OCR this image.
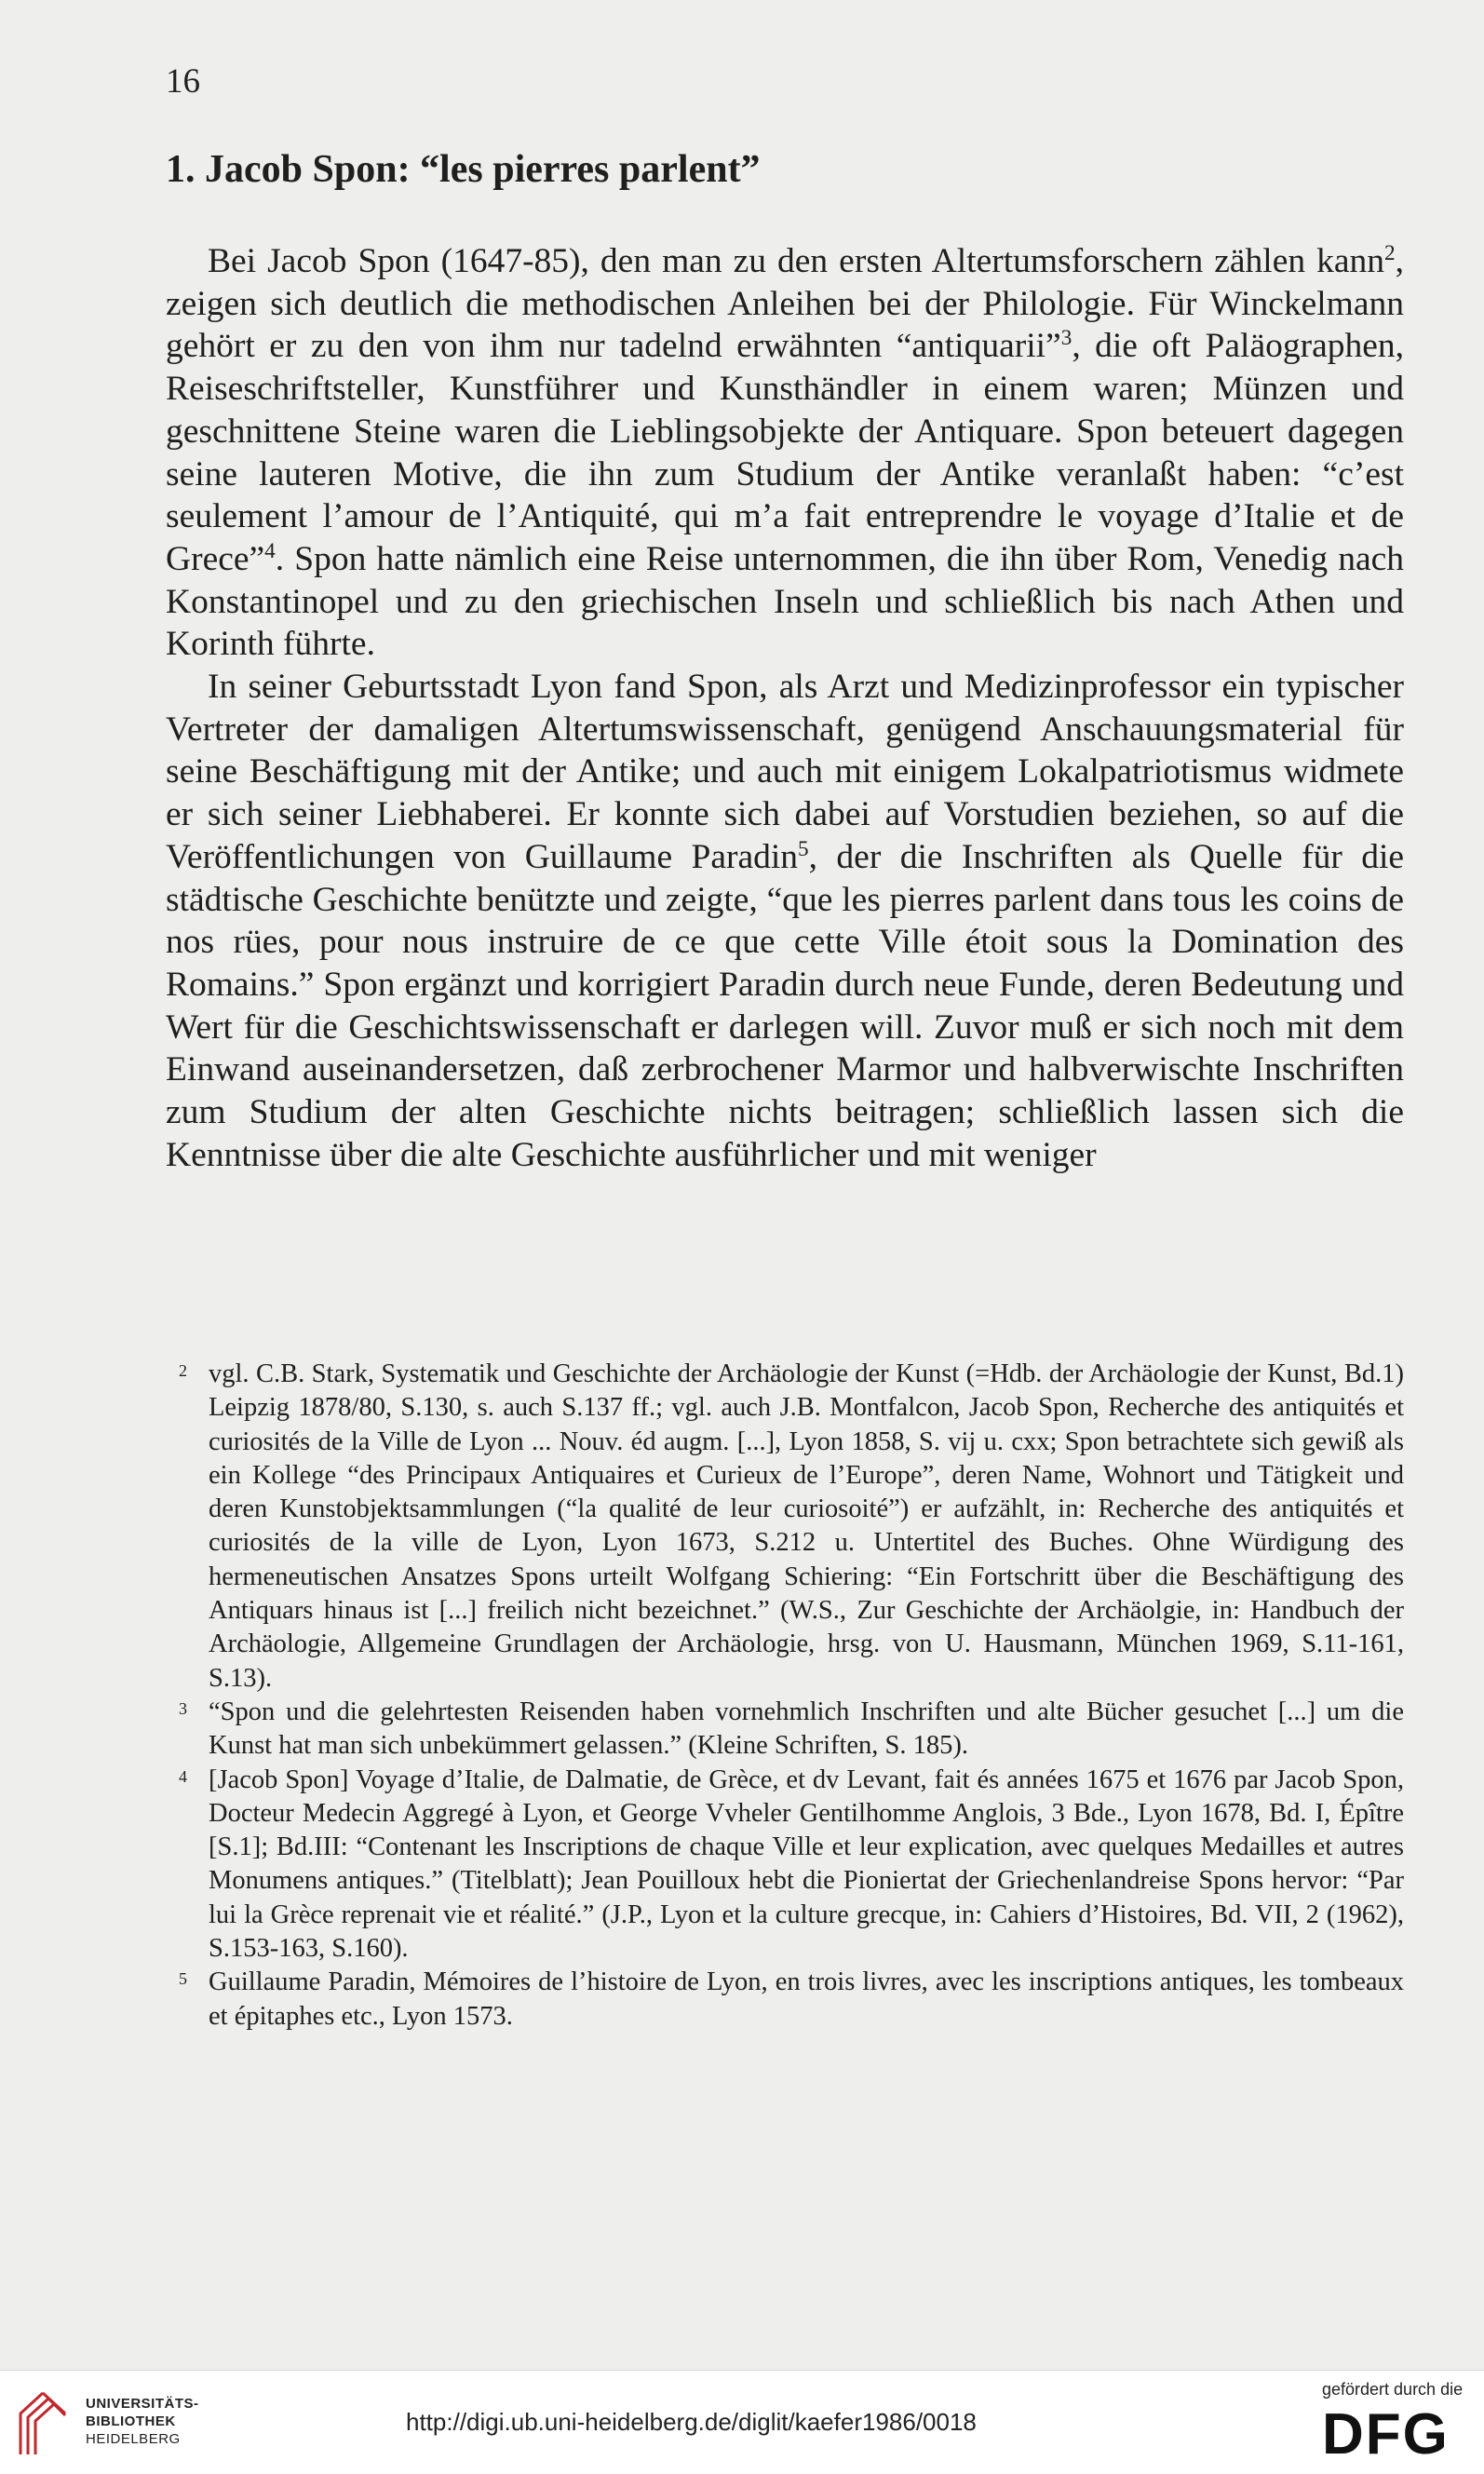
16
1. Jacob Spon: “les pierres parlent”

Bei Jacob Spon (1647-85), den man zu den ersten Altertumsforschern zählen kann$^2$, zeigen sich deutlich die methodischen Anleihen bei der Philologie. Für Winckelmann gehört er zu den von ihm nur tadelnd erwähnten “antiquarii”$^3$, die oft Paläographen, Reiseschriftsteller, Kunstführer und Kunsthändler in einem waren; Münzen und geschnittene Steine waren die Lieblingsobjekte der Antiquare. Spon beteuert dagegen seine lauteren Motive, die ihn zum Studium der Antike veranlaßt haben: “c’est seulement l’amour de l’Antiquité, qui m’a fait entreprendre le voyage d’Italie et de Grece”$^4$. Spon hatte nämlich eine Reise unternommen, die ihn über Rom, Venedig nach Konstantinopel und zu den griechischen Inseln und schließlich bis nach Athen und Korinth führte.

In seiner Geburtsstadt Lyon fand Spon, als Arzt und Medizinprofessor ein typischer Vertreter der damaligen Altertumswissenschaft, genügend Anschauungsmaterial für seine Beschäftigung mit der Antike; und auch mit einigem Lokalpatriotismus widmete er sich seiner Liebhaberei. Er konnte sich dabei auf Vorstudien beziehen, so auf die Veröffentlichungen von Guillaume Paradin$^5$, der die Inschriften als Quelle für die städtische Geschichte benützte und zeigte, “que les pierres parlent dans tous les coins de nos rües, pour nous instruire de ce que cette Ville étoit sous la Domination des Romains.” Spon ergänzt und korrigiert Paradin durch neue Funde, deren Bedeutung und Wert für die Geschichtswissenschaft er darlegen will. Zuvor muß er sich noch mit dem Einwand auseinandersetzen, daß zerbrochener Marmor und halbverwischte Inschriften zum Studium der alten Geschichte nichts beitragen; schließlich lassen sich die Kenntnisse über die alte Geschichte ausführlicher und mit weniger

2 vgl. C.B. Stark, Systematik und Geschichte der Archäologie der Kunst (=Hdb. der Archäologie der Kunst, Bd.1) Leipzig 1878/80, S.130, s. auch S.137 ff.; vgl. auch J.B. Montfalcon, Jacob Spon, Recherche des antiquités et curiosités de la Ville de Lyon ... Nouv. éd augm. [...], Lyon 1858, S. vij u. cxx; Spon betrachtete sich gewiß als ein Kollege “des Principaux Antiquaires et Curieux de l’Europe”, deren Name, Wohnort und Tätigkeit und deren Kunstobjektsammlungen (“la qualité de leur curiosoité”) er aufzählt, in: Recherche des antiquités et curiosités de la ville de Lyon, Lyon 1673, S.212 u. Untertitel des Buches. Ohne Würdigung des hermeneutischen Ansatzes Spons urteilt Wolfgang Schiering: “Ein Fortschritt über die Beschäftigung des Antiquars hinaus ist [...] freilich nicht bezeichnet.” (W.S., Zur Geschichte der Archäolgie, in: Handbuch der Archäologie, Allgemeine Grundlagen der Archäologie, hrsg. von U. Hausmann, München 1969, S.11-161, S.13).
3 “Spon und die gelehrtesten Reisenden haben vornehmlich Inschriften und alte Bücher gesuchet [...] um die Kunst hat man sich unbekümmert gelassen.” (Kleine Schriften, S. 185).
4 [Jacob Spon] Voyage d’Italie, de Dalmatie, de Grèce, et dv Levant, fait és années 1675 et 1676 par Jacob Spon, Docteur Medecin Aggregé à Lyon, et George Vvheler Gentilhomme Anglois, 3 Bde., Lyon 1678, Bd. I, Épître [S.1]; Bd.III: “Contenant les Inscriptions de chaque Ville et leur explication, avec quelques Medailles et autres Monumens antiques.” (Titelblatt); Jean Pouilloux hebt die Pioniertat der Griechenlandreise Spons hervor: “Par lui la Grèce reprenait vie et réalité.” (J.P., Lyon et la culture grecque, in: Cahiers d’Histoires, Bd. VII, 2 (1962), S.153-163, S.160).
5 Guillaume Paradin, Mémoires de l’histoire de Lyon, en trois livres, avec les inscriptions antiques, les tombeaux et épitaphes etc., Lyon 1573.
UNIVERSITÄTS-
BIBLIOTHEK
HEIDELBERG
http://digi.ub.uni-heidelberg.de/diglit/kaefer1986/0018
gefördert durch die
DFG
